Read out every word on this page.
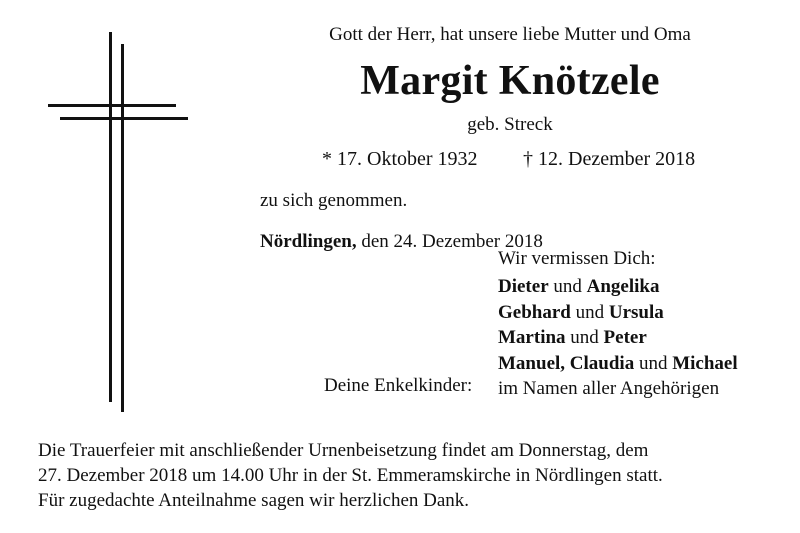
Gott der Herr, hat unsere liebe Mutter und Oma
Margit Knötzele
geb. Streck
* 17. Oktober 1932 † 12. Dezember 2018
zu sich genommen.
Nördlingen, den 24. Dezember 2018
Wir vermissen Dich:
Dieter und Angelika
Gebhard und Ursula
Martina und Peter
Manuel, Claudia und Michael
im Namen aller Angehörigen
Deine Enkelkinder:
Die Trauerfeier mit anschließender Urnenbeisetzung findet am Donnerstag, dem
27. Dezember 2018 um 14.00 Uhr in der St. Emmeramskirche in Nördlingen statt.
Für zugedachte Anteilnahme sagen wir herzlichen Dank.
